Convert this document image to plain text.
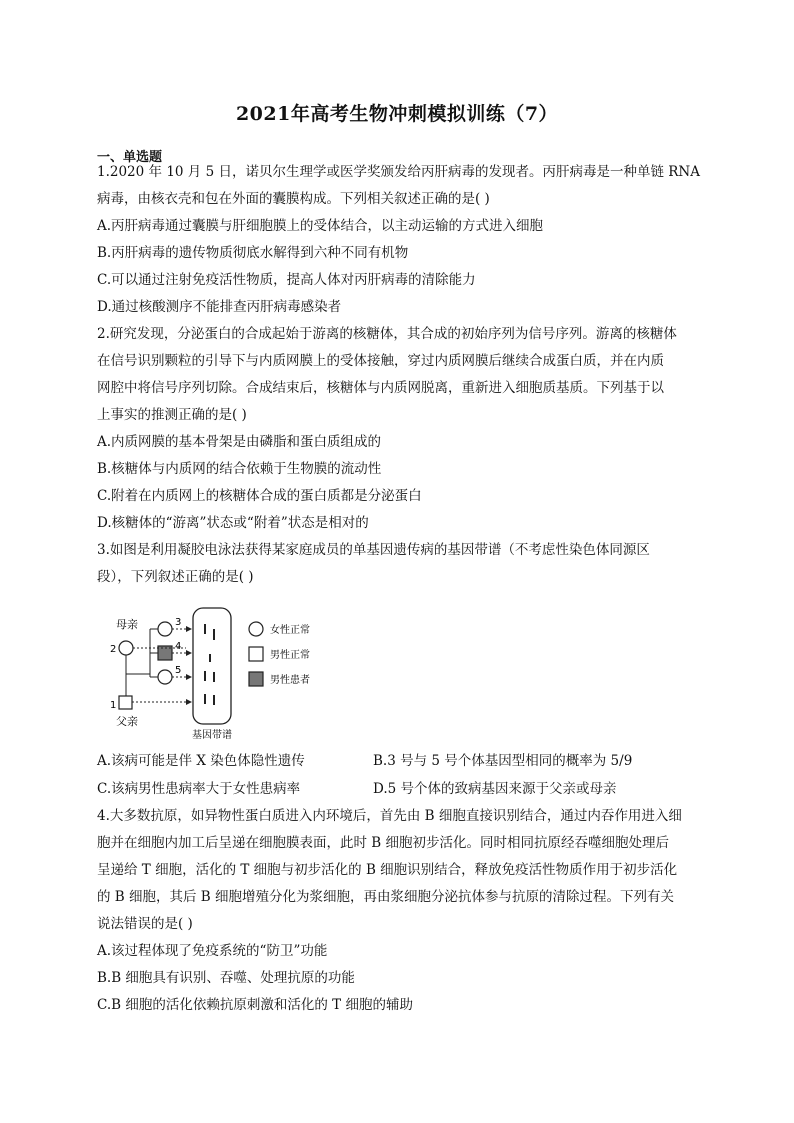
2021年高考生物冲刺模拟训练（7）
一、单选题
1.2020 年 10 月 5 日，诺贝尔生理学或医学奖颁发给丙肝病毒的发现者。丙肝病毒是一种单链 RNA
病毒，由核衣壳和包在外面的囊膜构成。下列相关叙述正确的是( )
A.丙肝病毒通过囊膜与肝细胞膜上的受体结合，以主动运输的方式进入细胞
B.丙肝病毒的遗传物质彻底水解得到六种不同有机物
C.可以通过注射免疫活性物质，提高人体对丙肝病毒的清除能力
D.通过核酸测序不能排查丙肝病毒感染者
2.研究发现，分泌蛋白的合成起始于游离的核糖体，其合成的初始序列为信号序列。游离的核糖体
在信号识别颗粒的引导下与内质网膜上的受体接触，穿过内质网膜后继续合成蛋白质，并在内质
网腔中将信号序列切除。合成结束后，核糖体与内质网脱离，重新进入细胞质基质。下列基于以
上事实的推测正确的是( )
A.内质网膜的基本骨架是由磷脂和蛋白质组成的
B.核糖体与内质网的结合依赖于生物膜的流动性
C.附着在内质网上的核糖体合成的蛋白质都是分泌蛋白
D.核糖体的“游离”状态或“附着”状态是相对的
3.如图是利用凝胶电泳法获得某家庭成员的单基因遗传病的基因带谱（不考虑性染色体同源区
段），下列叙述正确的是( )
母亲
2
1
父亲
3
4
5
基因带谱
女性正常
男性正常
男性患者
A.该病可能是伴 X 染色体隐性遗传	B.3 号与 5 号个体基因型相同的概率为 5/9
C.该病男性患病率大于女性患病率	D.5 号个体的致病基因来源于父亲或母亲
4.大多数抗原，如异物性蛋白质进入内环境后，首先由 B 细胞直接识别结合，通过内吞作用进入细
胞并在细胞内加工后呈递在细胞膜表面，此时 B 细胞初步活化。同时相同抗原经吞噬细胞处理后
呈递给 T 细胞，活化的 T 细胞与初步活化的 B 细胞识别结合，释放免疫活性物质作用于初步活化
的 B 细胞，其后 B 细胞增殖分化为浆细胞，再由浆细胞分泌抗体参与抗原的清除过程。下列有关
说法错误的是( )
A.该过程体现了免疫系统的“防卫”功能
B.B 细胞具有识别、吞噬、处理抗原的功能
C.B 细胞的活化依赖抗原刺激和活化的 T 细胞的辅助
